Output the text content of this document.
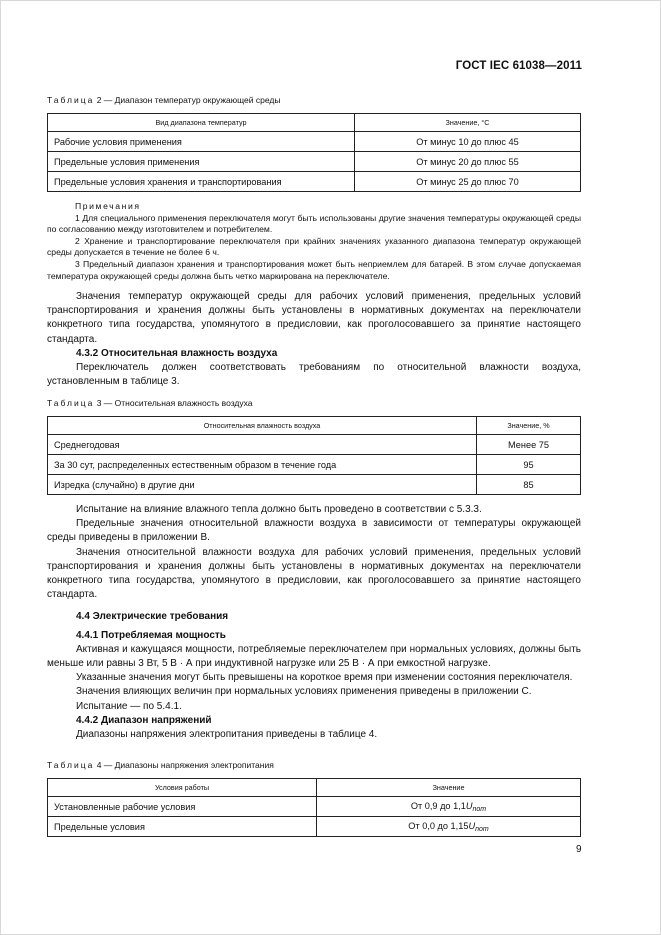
ГОСТ IEC 61038—2011
Таблица 2 — Диапазон температур окружающей среды
Вид диапазона температур	Значение, °С
Рабочие условия применения	От минус 10 до плюс 45
Предельные условия применения	От минус 20 до плюс 55
Предельные условия хранения и транспортирования	От минус 25 до плюс 70
Примечания

1 Для специального применения переключателя могут быть использованы другие значения температуры окружающей среды по согласованию между изготовителем и потребителем.

2 Хранение и транспортирование переключателя при крайних значениях указанного диапазона температур окружающей среды допускается в течение не более 6 ч.

3 Предельный диапазон хранения и транспортирования может быть неприемлем для батарей. В этом случае допускаемая температура окружающей среды должна быть четко маркирована на переключателе.

Значения температур окружающей среды для рабочих условий применения, предельных условий транспортирования и хранения должны быть установлены в нормативных документах на переключатели конкретного типа государства, упомянутого в предисловии, как проголосовавшего за принятие настоящего стандарта.

4.3.2 Относительная влажность воздуха

Переключатель должен соответствовать требованиям по относительной влажности воздуха, установленным в таблице 3.

Таблица 3 — Относительная влажность воздуха
Относительная влажность воздуха	Значение, %
Среднегодовая	Менее 75
За 30 сут, распределенных естественным образом в течение года	95
Изредка (случайно) в другие дни	85

Испытание на влияние влажного тепла должно быть проведено в соответствии с 5.3.3.

Предельные значения относительной влажности воздуха в зависимости от температуры окружающей среды приведены в приложении В.

Значения относительной влажности воздуха для рабочих условий применения, предельных условий транспортирования и хранения должны быть установлены в нормативных документах на переключатели конкретного типа государства, упомянутого в предисловии, как проголосовавшего за принятие настоящего стандарта.

4.4 Электрические требования

4.4.1 Потребляемая мощность

Активная и кажущаяся мощности, потребляемые переключателем при нормальных условиях, должны быть меньше или равны 3 Вт, 5 В · А при индуктивной нагрузке или 25 В · А при емкостной нагрузке.

Указанные значения могут быть превышены на короткое время при изменении состояния переключателя.

Значения влияющих величин при нормальных условиях применения приведены в приложении С.

Испытание — по 5.4.1.

4.4.2 Диапазон напряжений

Диапазоны напряжения электропитания приведены в таблице 4.

Таблица 4 — Диапазоны напряжения электропитания
Условия работы	Значение
Установленные рабочие условия	От 0,9 до $1,1U_{nom}$
Предельные условия	От 0,0 до $1,15U_{nom}$
9
